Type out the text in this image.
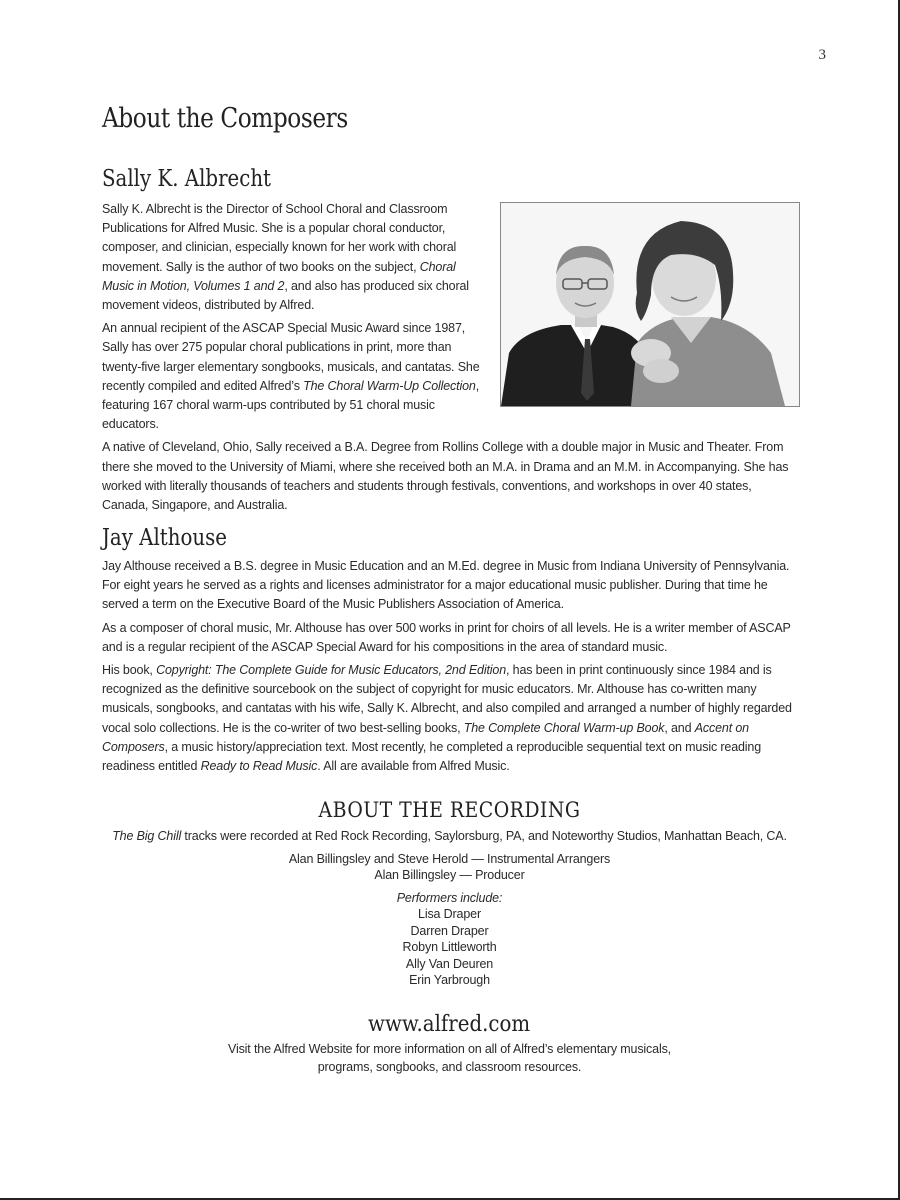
3
About the Composers
Sally K. Albrecht

Sally K. Albrecht is the Director of School Choral and Classroom Publications for Alfred Music. She is a popular choral conductor, composer, and clinician, especially known for her work with choral movement. Sally is the author of two books on the subject, Choral Music in Motion, Volumes 1 and 2, and also has produced six choral movement videos, distributed by Alfred.

An annual recipient of the ASCAP Special Music Award since 1987, Sally has over 275 popular choral publications in print, more than twenty-five larger elementary songbooks, musicals, and cantatas. She recently compiled and edited Alfred’s The Choral Warm-Up Collection, featuring 167 choral warm-ups contributed by 51 choral music educators.

A native of Cleveland, Ohio, Sally received a B.A. Degree from Rollins College with a double major in Music and Theater. From there she moved to the University of Miami, where she received both an M.A. in Drama and an M.M. in Accompanying. She has worked with literally thousands of teachers and students through festivals, conventions, and workshops in over 40 states, Canada, Singapore, and Australia.

Jay Althouse

Jay Althouse received a B.S. degree in Music Education and an M.Ed. degree in Music from Indiana University of Pennsylvania. For eight years he served as a rights and licenses administrator for a major educational music publisher. During that time he served a term on the Executive Board of the Music Publishers Association of America.

As a composer of choral music, Mr. Althouse has over 500 works in print for choirs of all levels. He is a writer member of ASCAP and is a regular recipient of the ASCAP Special Award for his compositions in the area of standard music.

His book, Copyright: The Complete Guide for Music Educators, 2nd Edition, has been in print continuously since 1984 and is recognized as the definitive sourcebook on the subject of copyright for music educators. Mr. Althouse has co-written many musicals, songbooks, and cantatas with his wife, Sally K. Albrecht, and also compiled and arranged a number of highly regarded vocal solo collections. He is the co-writer of two best-selling books, The Complete Choral Warm-up Book, and Accent on Composers, a music history/appreciation text. Most recently, he completed a reproducible sequential text on music reading readiness entitled Ready to Read Music. All are available from Alfred Music.

ABOUT THE RECORDING

The Big Chill tracks were recorded at Red Rock Recording, Saylorsburg, PA, and Noteworthy Studios, Manhattan Beach, CA.

Alan Billingsley and Steve Herold — Instrumental Arrangers

Alan Billingsley — Producer

Performers include:

Lisa Draper

Darren Draper

Robyn Littleworth

Ally Van Deuren

Erin Yarbrough

www.alfred.com

Visit the Alfred Website for more information on all of Alfred’s elementary musicals, programs, songbooks, and classroom resources.
